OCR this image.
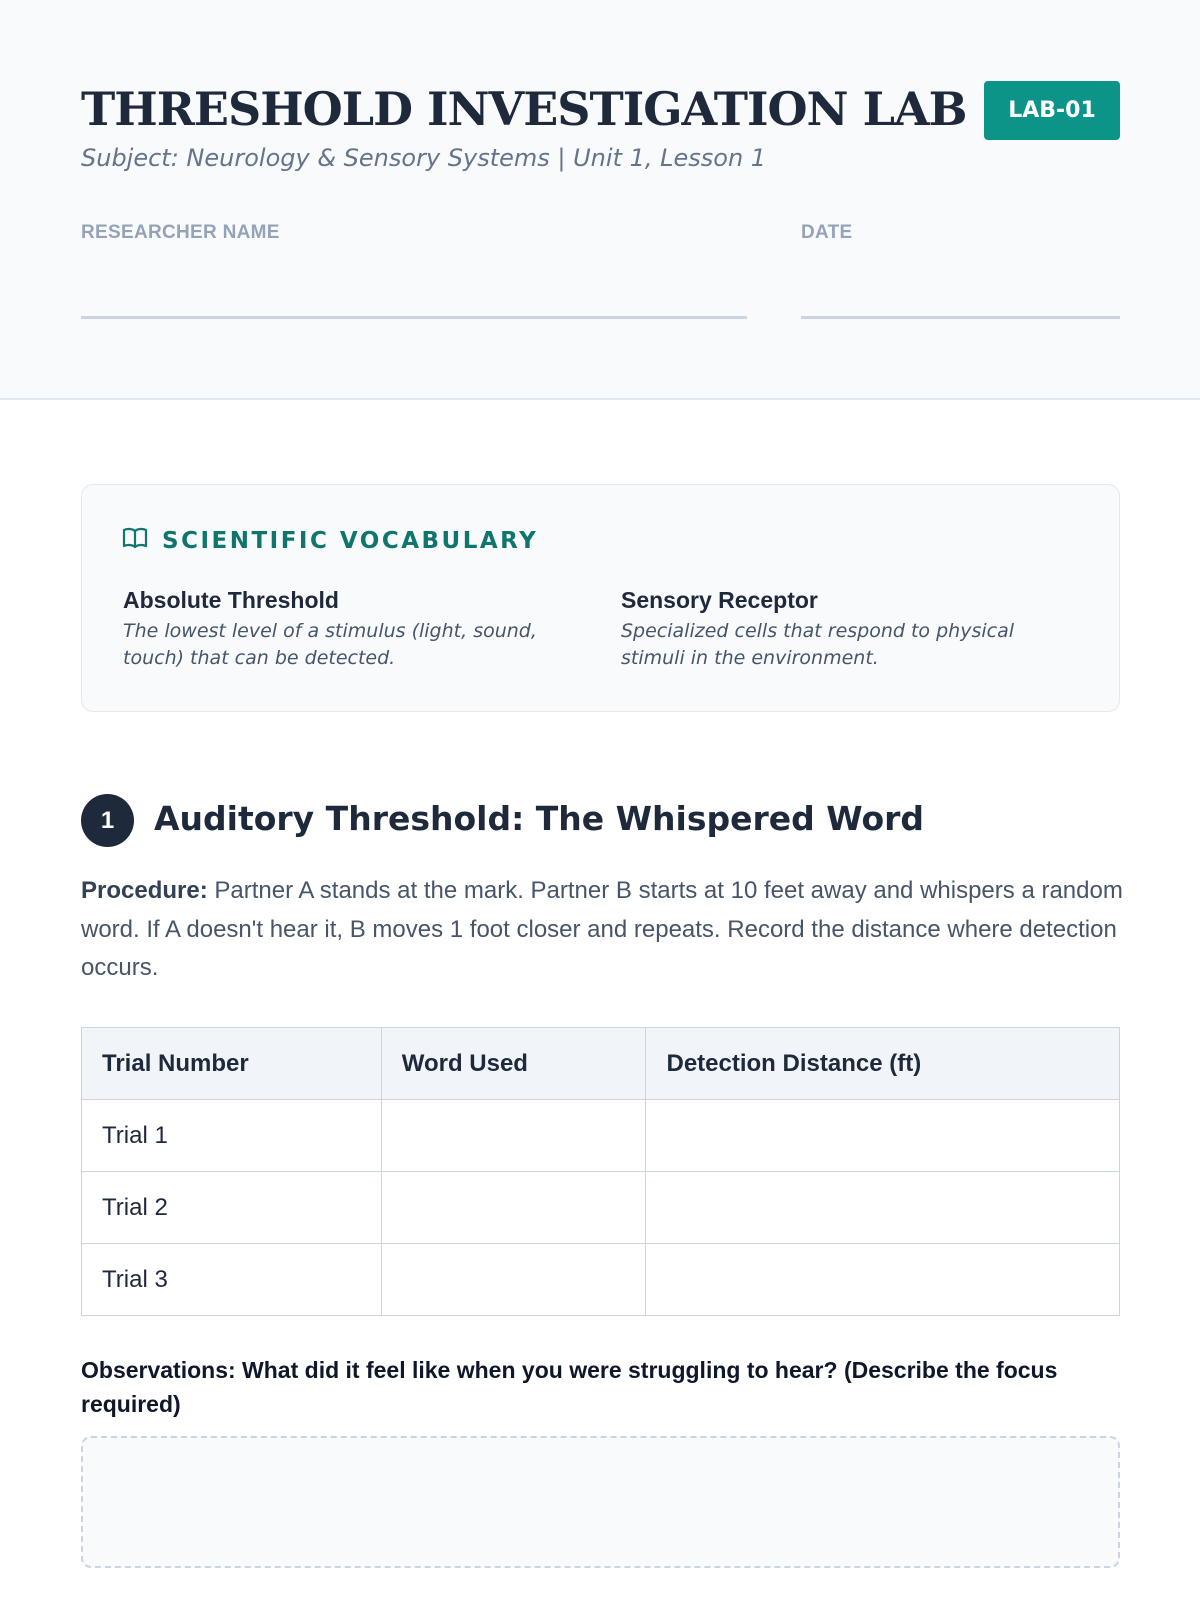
THRESHOLD INVESTIGATION LAB
Subject: Neurology & Sensory Systems | Unit 1, Lesson 1
LAB-01
RESEARCHER NAME	DATE
SCIENTIFIC VOCABULARY
Absolute Threshold
The lowest level of a stimulus (light, sound, touch) that can be detected.
Sensory Receptor
Specialized cells that respond to physical stimuli in the environment.
1	Auditory Threshold: The Whispered Word
Procedure: Partner A stands at the mark. Partner B starts at 10 feet away and whispers a random word. If A doesn't hear it, B moves 1 foot closer and repeats. Record the distance where detection occurs.
Trial Number	Word Used	Detection Distance (ft)
Trial 1		
Trial 2		
Trial 3		
Observations: What did it feel like when you were struggling to hear? (Describe the focus required)
